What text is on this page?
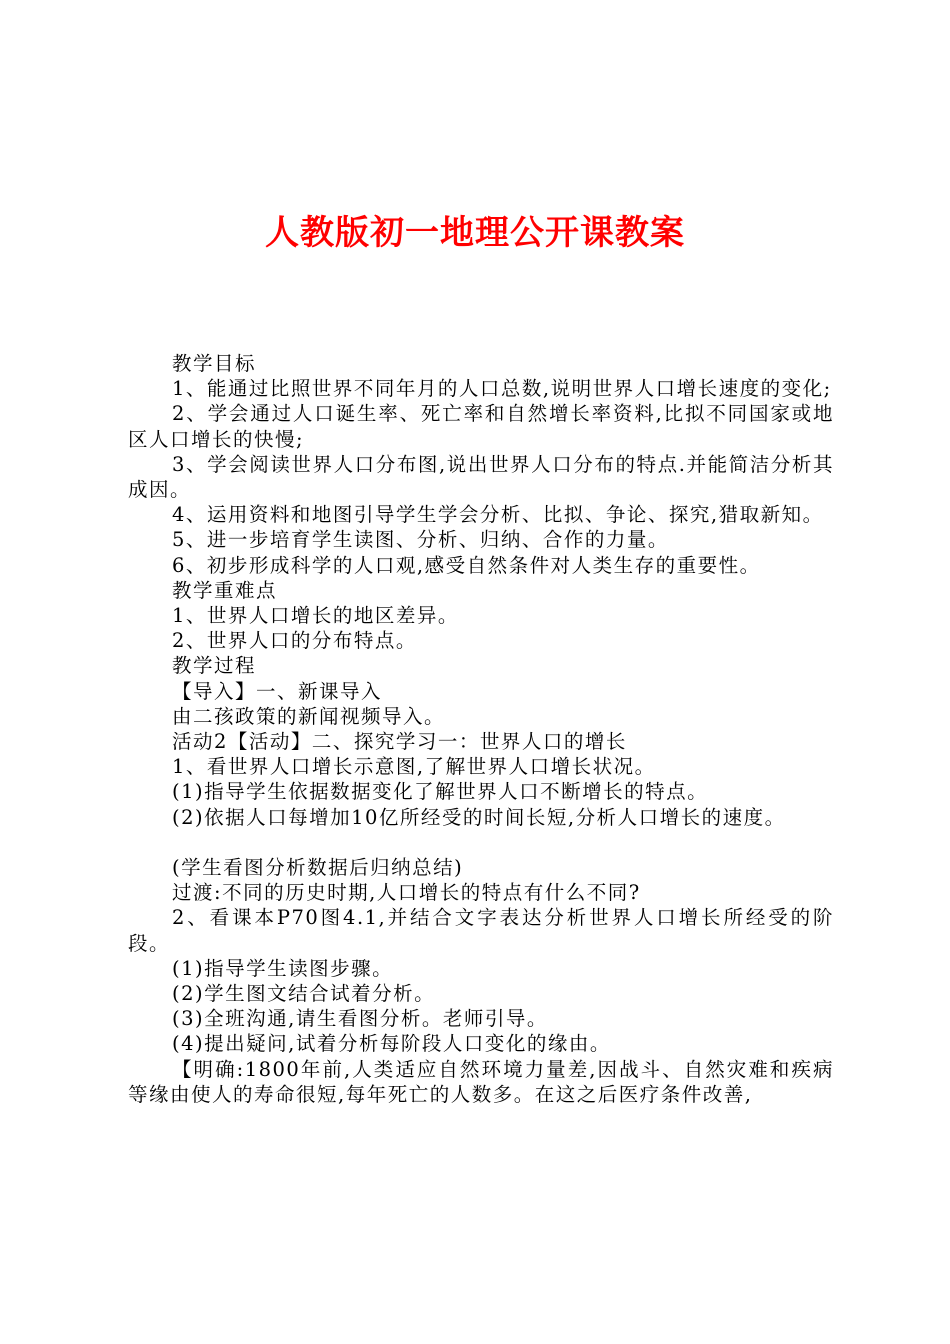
人教版初一地理公开课教案

教学目标

1、能通过比照世界不同年月的人口总数,说明世界人口增长速度的变化;

2、学会通过人口诞生率、死亡率和自然增长率资料,比拟不同国家或地区人口增长的快慢;

3、学会阅读世界人口分布图,说出世界人口分布的特点.并能简洁分析其成因。

4、运用资料和地图引导学生学会分析、比拟、争论、探究,猎取新知。

5、进一步培育学生读图、分析、归纳、合作的力量。

6、初步形成科学的人口观,感受自然条件对人类生存的重要性。

教学重难点

1、世界人口增长的地区差异。

2、世界人口的分布特点。

教学过程

【导入】一、新课导入

由二孩政策的新闻视频导入。

活动2【活动】二、探究学习一：世界人口的增长

1、看世界人口增长示意图,了解世界人口增长状况。

(1)指导学生依据数据变化了解世界人口不断增长的特点。

(2)依据人口每增加10亿所经受的时间长短,分析人口增长的速度。

(学生看图分析数据后归纳总结)

过渡:不同的历史时期,人口增长的特点有什么不同?

2、看课本P70图4.1,并结合文字表达分析世界人口增长所经受的阶段。

(1)指导学生读图步骤。

(2)学生图文结合试着分析。

(3)全班沟通,请生看图分析。老师引导。

(4)提出疑问,试着分析每阶段人口变化的缘由。

【明确:1800年前,人类适应自然环境力量差,因战斗、自然灾难和疾病等缘由使人的寿命很短,每年死亡的人数多。在这之后医疗条件改善,
